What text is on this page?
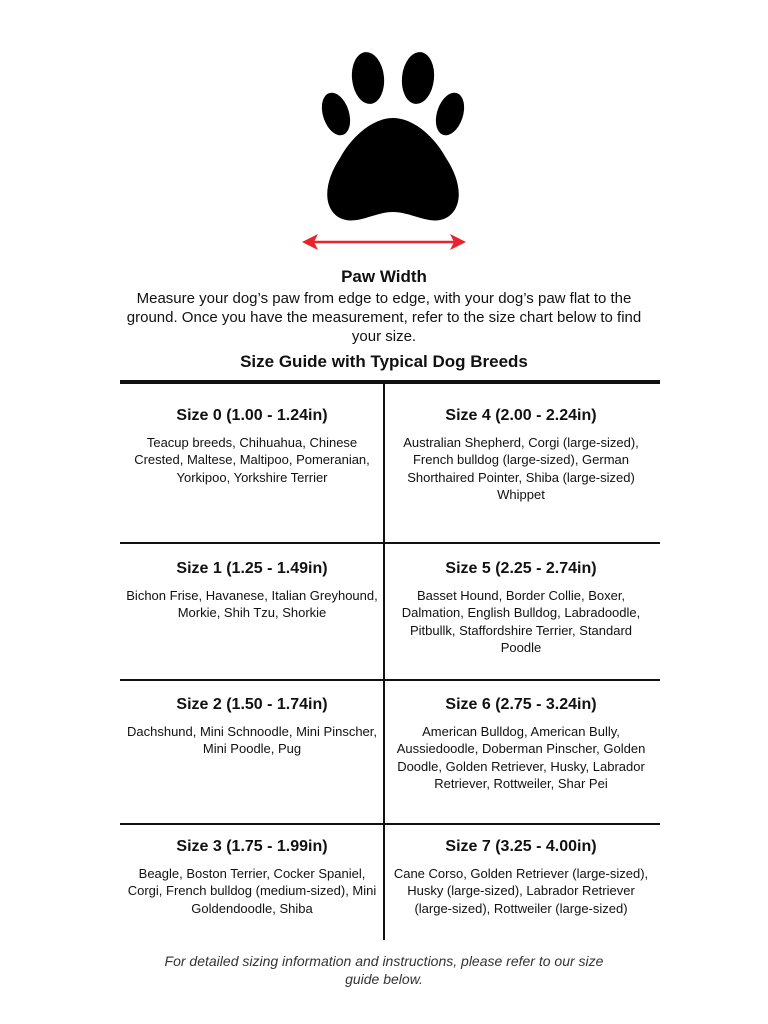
Paw Width
Measure your dog’s paw from edge to edge, with your dog’s paw flat to the ground. Once you have the measurement, refer to the size chart below to find your size.
Size Guide with Typical Dog Breeds
Size 0 (1.00 - 1.24in)
Teacup breeds, Chihuahua, Chinese Crested, Maltese, Maltipoo, Pomeranian, Yorkipoo, Yorkshire Terrier
Size 4 (2.00 - 2.24in)
Australian Shepherd, Corgi (large-sized), French bulldog (large-sized), German Shorthaired Pointer, Shiba (large-sized) Whippet
Size 1 (1.25 - 1.49in)
Bichon Frise, Havanese, Italian Greyhound, Morkie, Shih Tzu, Shorkie
Size 5 (2.25 - 2.74in)
Basset Hound, Border Collie, Boxer, Dalmation, English Bulldog, Labradoodle, Pitbullk, Staffordshire Terrier, Standard Poodle
Size 2 (1.50 - 1.74in)
Dachshund, Mini Schnoodle, Mini Pinscher, Mini Poodle, Pug
Size 6 (2.75 - 3.24in)
American Bulldog, American Bully, Aussiedoodle, Doberman Pinscher, Golden Doodle, Golden Retriever, Husky, Labrador Retriever, Rottweiler, Shar Pei
Size 3 (1.75 - 1.99in)
Beagle, Boston Terrier, Cocker Spaniel, Corgi, French bulldog (medium-sized), Mini Goldendoodle, Shiba
Size 7 (3.25 - 4.00in)
Cane Corso, Golden Retriever (large-sized), Husky (large-sized), Labrador Retriever (large-sized), Rottweiler (large-sized)
For detailed sizing information and instructions, please refer to our size guide below.
